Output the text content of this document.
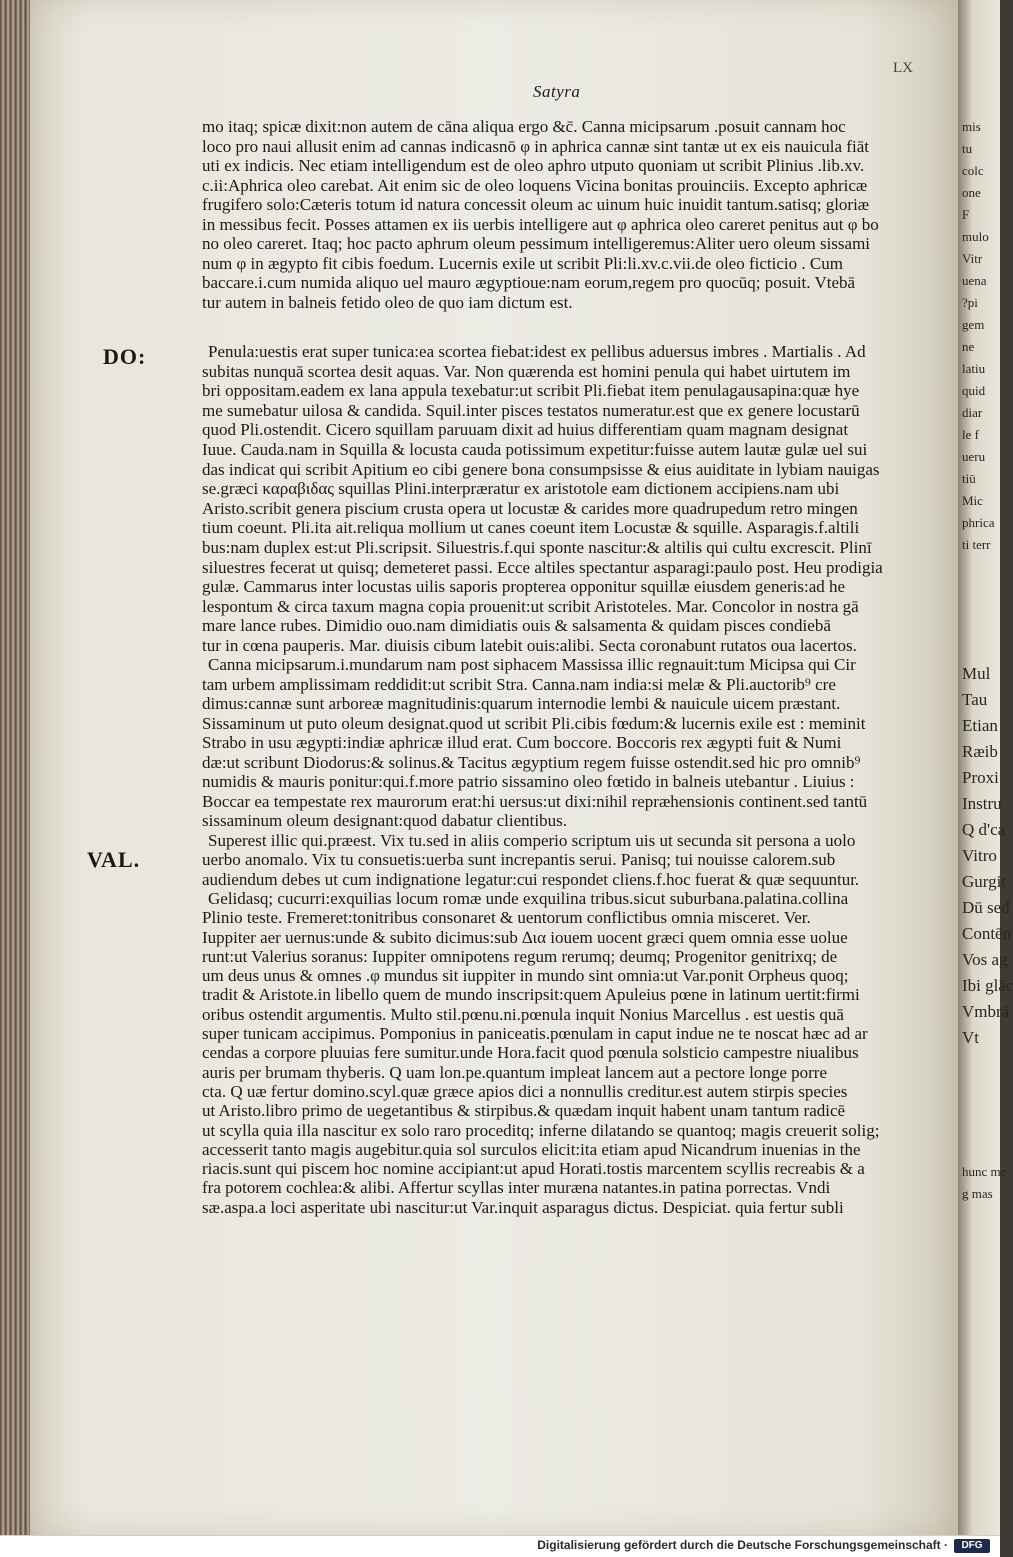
mis
tu
colc
one
F
mulo
Vitr
uena
?pi
gem
ne
latiu
quid
diar
le f
ueru
tiū
Mic
phrica
ti terr
Mul
Tau
Etian
Ræib
Proxi
Instru
Q d'ca
Vitro
Gurgit
Dū sed
Contēn
Vos ag
Ibi glāc
Vmbrā
Vt
hunc me
g mas
LX
Satyra
DO:
VAL.
mo itaq; spicæ dixit:non autem de cāna aliqua ergo &c̄. Canna micipsarum .posuit cannam hoc
loco pro naui allusit enim ad cannas indicasnō φ in aphrica cannæ sint tantæ ut ex eis nauicula fiāt
uti ex indicis. Nec etiam intelligendum est de oleo aphro utputo quoniam ut scribit Plinius .lib.xv.
c.ii:Aphrica oleo carebat. Ait enim sic de oleo loquens Vicina bonitas prouinciis. Excepto aphricæ
frugifero solo:Cæteris totum id natura concessit oleum ac uinum huic inuidit tantum.satisq; gloriæ
in messibus fecit. Posses attamen ex iis uerbis intelligere aut φ aphrica oleo careret penitus aut φ bo
no oleo careret. Itaq; hoc pacto aphrum oleum pessimum intelligeremus:Aliter uero oleum sissami
num φ in ægypto fit cibis foedum. Lucernis exile ut scribit Pli:li.xv.c.vii.de oleo ficticio . Cum
baccare.i.cum numida aliquo uel mauro ægyptioue:nam eorum,regem pro quocūq; posuit. Vtebā
tur autem in balneis fetido oleo de quo iam dictum est.
Penula:uestis erat super tunica:ea scortea fiebat:idest ex pellibus aduersus imbres . Martialis . Ad
subitas nunquā scortea desit aquas. Var. Non quærenda est homini penula qui habet uirtutem im
bri oppositam.eadem ex lana appula texebatur:ut scribit Pli.fiebat item penulagausapina:quæ hye
me sumebatur uilosa & candida. Squil.inter pisces testatos numeratur.est que ex genere locustarū
quod Pli.ostendit. Cicero squillam paruuam dixit ad huius differentiam quam magnam designat
Iuue. Cauda.nam in Squilla & locusta cauda potissimum expetitur:fuisse autem lautæ gulæ uel sui
das indicat qui scribit Apitium eo cibi genere bona consumpsisse & eius auiditate in lybiam nauigas
se.græci καραβιδας squillas Plini.interpræratur ex aristotole eam dictionem accipiens.nam ubi
Aristo.scribit genera piscium crusta opera ut locustæ & carides more quadrupedum retro mingen
tium coeunt. Pli.ita ait.reliqua mollium ut canes coeunt item Locustæ & squille. Asparagis.f.altili
bus:nam duplex est:ut Pli.scripsit. Siluestris.f.qui sponte nascitur:& altilis qui cultu excrescit. Plinī
siluestres fecerat ut quisq; demeteret passi. Ecce altiles spectantur asparagi:paulo post. Heu prodigia
gulæ. Cammarus inter locustas uilis saporis propterea opponitur squillæ eiusdem generis:ad he
lespontum & circa taxum magna copia prouenit:ut scribit Aristoteles. Mar. Concolor in nostra gā
mare lance rubes. Dimidio ouo.nam dimidiatis ouis & salsamenta & quidam pisces condiebā
tur in cœna pauperis. Mar. diuisis cibum latebit ouis:alibi. Secta coronabunt rutatos oua lacertos.
Canna micipsarum.i.mundarum nam post siphacem Massissa illic regnauit:tum Micipsa qui Cir
tam urbem amplissimam reddidit:ut scribit Stra. Canna.nam india:si melæ & Pli.auctorib⁹ cre
dimus:cannæ sunt arboreæ magnitudinis:quarum internodie lembi & nauicule uicem præstant.
Sissaminum ut puto oleum designat.quod ut scribit Pli.cibis fœdum:& lucernis exile est : meminit
Strabo in usu ægypti:indiæ aphricæ illud erat. Cum boccore. Boccoris rex ægypti fuit & Numi
dæ:ut scribunt Diodorus:& solinus.& Tacitus ægyptium regem fuisse ostendit.sed hic pro omnib⁹
numidis & mauris ponitur:qui.f.more patrio sissamino oleo fœtido in balneis utebantur . Liuius :
Boccar ea tempestate rex maurorum erat:hi uersus:ut dixi:nihil repræhensionis continent.sed tantū
sissaminum oleum designant:quod dabatur clientibus.
Superest illic qui.præest. Vix tu.sed in aliis comperio scriptum uis ut secunda sit persona a uolo
uerbo anomalo. Vix tu consuetis:uerba sunt increpantis serui. Panisq; tui nouisse calorem.sub
audiendum debes ut cum indignatione legatur:cui respondet cliens.f.hoc fuerat & quæ sequuntur.
Gelidasq; cucurri:exquilias locum romæ unde exquilina tribus.sicut suburbana.palatina.collina
Plinio teste. Fremeret:tonitribus consonaret & uentorum conflictibus omnia misceret. Ver.
Iuppiter aer uernus:unde & subito dicimus:sub ∆ια iouem uocent græci quem omnia esse uolue
runt:ut Valerius soranus: Iuppiter omnipotens regum rerumq; deumq; Progenitor genitrixq; de
um deus unus & omnes .φ mundus sit iuppiter in mundo sint omnia:ut Var.ponit Orpheus quoq;
tradit & Aristote.in libello quem de mundo inscripsit:quem Apuleius pœne in latinum uertit:firmi
oribus ostendit argumentis. Multo stil.pœnu.ni.pœnula inquit Nonius Marcellus . est uestis quā
super tunicam accipimus. Pomponius in paniceatis.pœnulam in caput indue ne te noscat hæc ad ar
cendas a corpore pluuias fere sumitur.unde Hora.facit quod pœnula solsticio campestre niualibus
auris per brumam thyberis. Q uam lon.pe.quantum impleat lancem aut a pectore longe porre
cta. Q uæ fertur domino.scyl.quæ græce apios dici a nonnullis creditur.est autem stirpis species
ut Aristo.libro primo de uegetantibus & stirpibus.& quædam inquit habent unam tantum radicē
ut scylla quia illa nascitur ex solo raro proceditq; inferne dilatando se quantoq; magis creuerit solig;
accesserit tanto magis augebitur.quia sol surculos elicit:ita etiam apud Nicandrum inuenias in the
riacis.sunt qui piscem hoc nomine accipiant:ut apud Horati.tostis marcentem scyllis recreabis & a
fra potorem cochlea:& alibi. Affertur scyllas inter muræna natantes.in patina porrectas. Vndi
sæ.aspa.a loci asperitate ubi nascitur:ut Var.inquit asparagus dictus. Despiciat. quia fertur subli
Digitalisierung gefördert durch die Deutsche Forschungsgemeinschaft ·	DFG
